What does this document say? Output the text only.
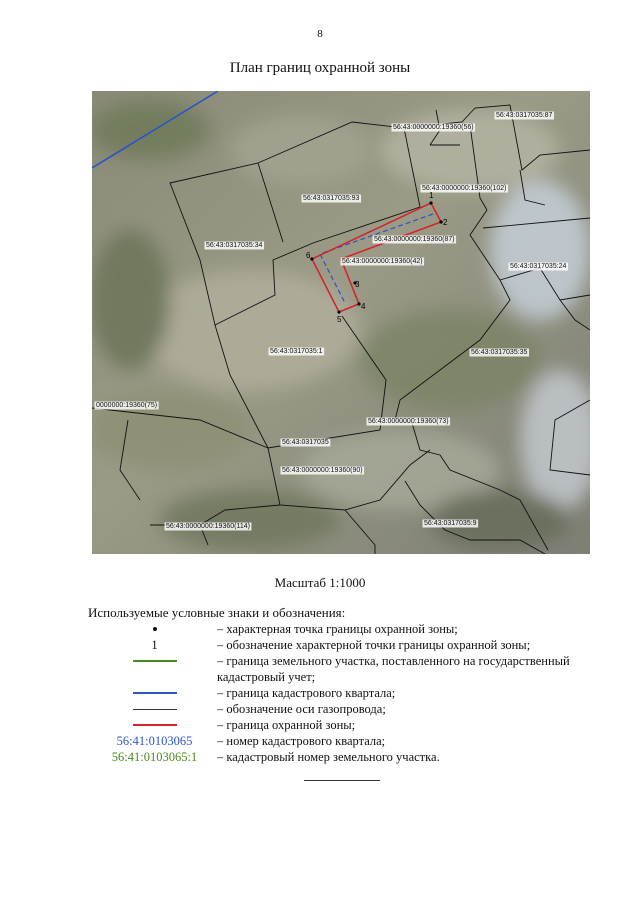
8
План границ охранной зоны
56:43:0000000:19360(56)
56:43:0317035:87
56:43:0000000:19360(102)
56:43:0317035:93
56:43:0000000:19360(87)
56:43:0317035:34
56:43:0000000:19360(42)
56:43:0317035:24
56:43:0317035:1	56:43:0317035:35
0000000:19360(75)
56:43:0000000:19360(73)
56:43:0317035
56:43:0000000:19360(90)
56:43:0000000:19360(114)	56:43:0317035:9
1
2
3
4
5
6
Масштаб 1:1000
Используемые условные знаки и обозначения:
– характерная точка границы охранной зоны;
1	– обозначение характерной точки границы охранной зоны;
– граница земельного участка, поставленного на государственный кадастровый учет;
– граница кадастрового квартала;
– обозначение оси газопровода;
– граница охранной зоны;
56:41:0103065 – номер кадастрового квартала;
56:41:0103065:1 – кадастровый номер земельного участка.
